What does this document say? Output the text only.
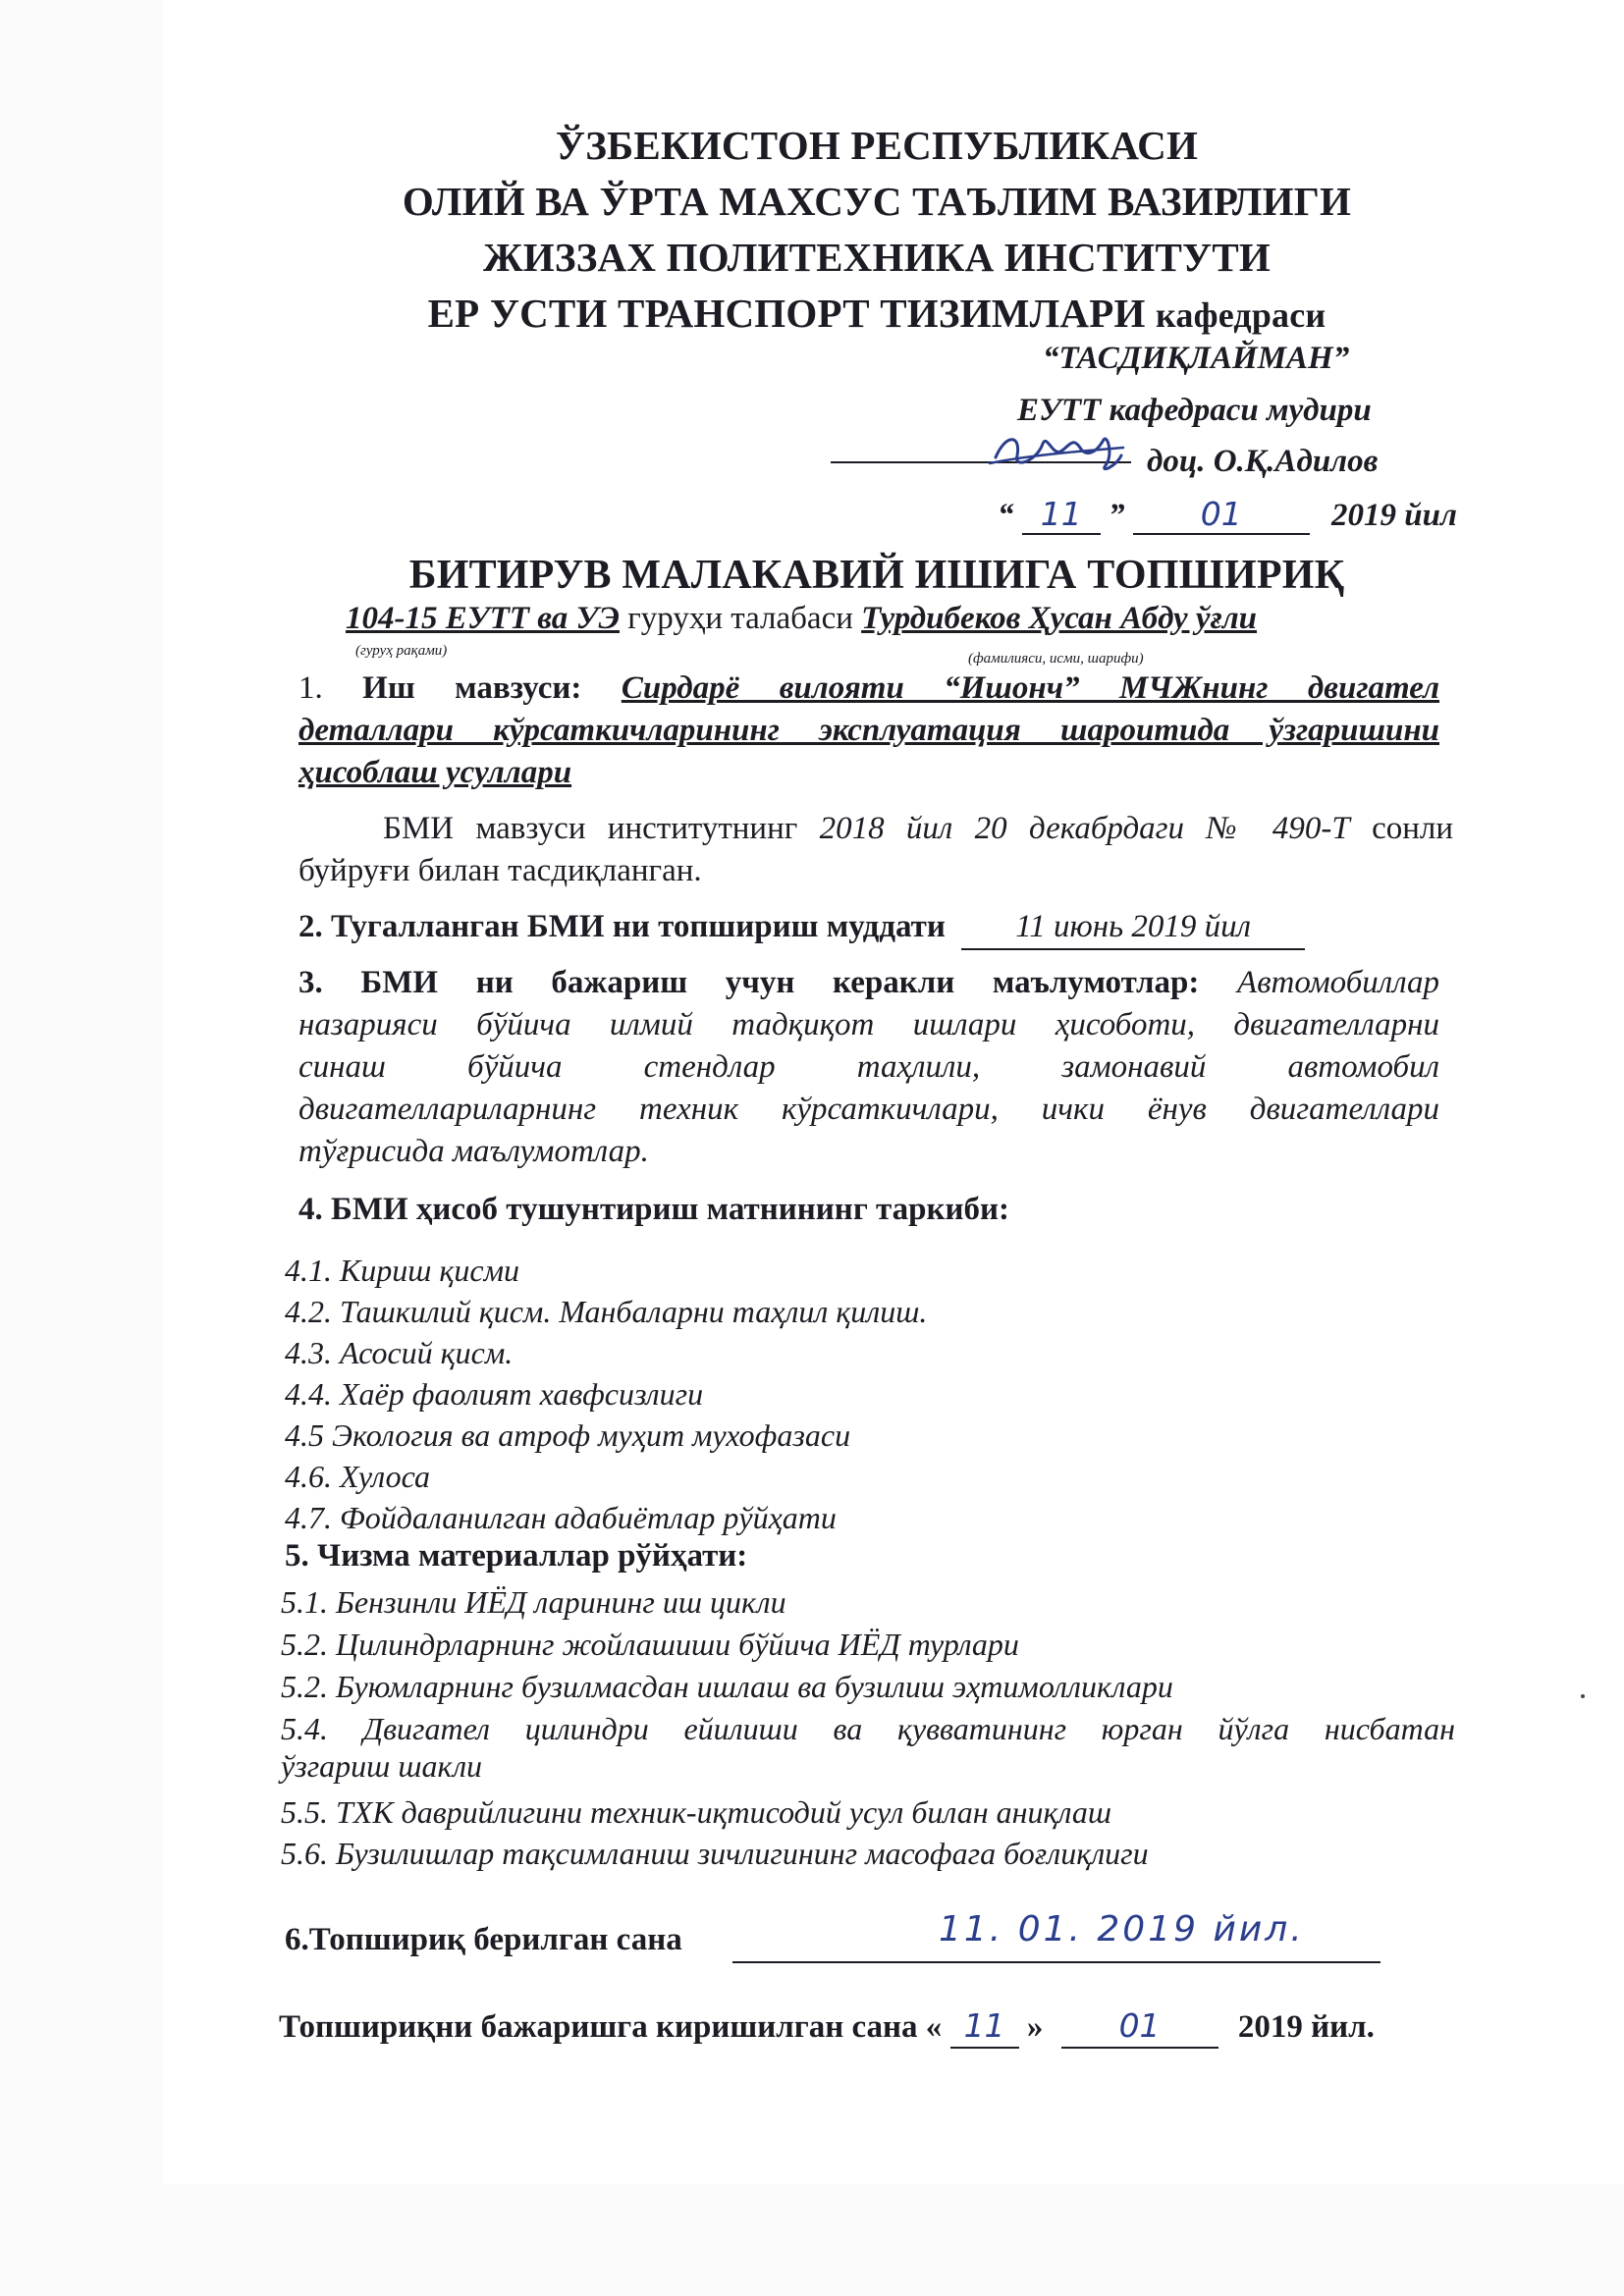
ЎЗБЕКИСТОН РЕСПУБЛИКАСИ
ОЛИЙ ВА ЎРТА МАХСУС ТАЪЛИМ ВАЗИРЛИГИ
ЖИЗЗАХ ПОЛИТЕХНИКА ИНСТИТУТИ
ЕР УСТИ ТРАНСПОРТ ТИЗИМЛАРИ кафедраси
“ТАСДИҚЛАЙМАН”
ЕУТТ кафедраси мудири
доц. О.Қ.Адилов
“ 11 ” 01	2019 йил
БИТИРУВ МАЛАКАВИЙ ИШИГА ТОПШИРИҚ
104-15 ЕУТТ ва УЭ гуруҳи талабаси Турдибеков Ҳусан Абду ўғли
(гуруҳ рақами)	(фамилияси, исми, шарифи)
1. Иш мавзуси: Сирдарё вилояти “Ишонч” МЧЖнинг двигател
деталлари кўрсаткичларининг эксплуатация шароитида ўзгаришини
ҳисоблаш усуллари
БМИ мавзуси институтнинг 2018 йил 20 декабрдаги № 490-Т сонли
буйруғи билан тасдиқланган.
2. Тугалланган БМИ ни топшириш муддати 11 июнь 2019 йил
3. БМИ ни бажариш учун керакли маълумотлар: Автомобиллар
назарияси бўйича илмий тадқиқот ишлари ҳисоботи, двигателларни
синаш бўйича стендлар таҳлили, замонавий автомобил
двигателлариларнинг техник кўрсаткичлари, ички ёнув двигателлари
тўғрисида маълумотлар.
4. БМИ ҳисоб тушунтириш матнининг таркиби:
4.1. Кириш қисми
4.2. Ташкилий қисм. Манбаларни таҳлил қилиш.
4.3. Асосий қисм.
4.4. Хаёр фаолият хавфсизлиги
4.5 Экология ва атроф муҳит мухофазаси
4.6. Хулоса
4.7. Фойдаланилган адабиётлар рўйҳати
5. Чизма материаллар рўйҳати:
5.1. Бензинли ИЁД ларининг иш цикли
5.2. Цилиндрларнинг жойлашиши бўйича ИЁД турлари
5.2. Буюмларнинг бузилмасдан ишлаш ва бузилиш эҳтимолликлари
5.4. Двигател цилиндри ейилиши ва қувватининг юрган йўлга нисбатан
ўзгариш шакли
5.5. ТХК даврийлигини техник-иқтисодий усул билан аниқлаш
5.6. Бузилишлар тақсимланиш зичлигининг масофага боғлиқлиги
6.Топшириқ берилган сана	11. 01. 2019 йил.
Топшириқни бажаришга киришилган сана « 11 » 01 2019 йил.
